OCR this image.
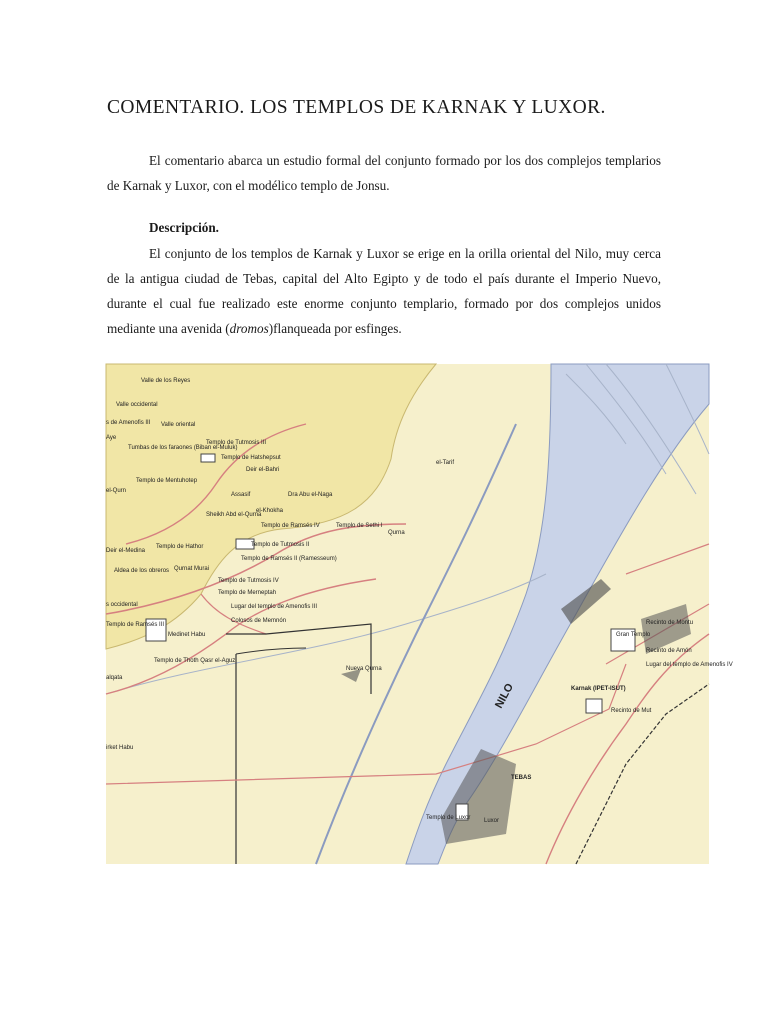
COMENTARIO. LOS TEMPLOS DE KARNAK Y LUXOR.
El comentario abarca un estudio formal del conjunto formado por los dos complejos templarios de Karnak y Luxor, con el modélico templo de Jonsu.
Descripción.
El conjunto de los templos de Karnak y Luxor se erige en la orilla oriental del Nilo, muy cerca de la antigua ciudad de Tebas, capital del Alto Egipto y de todo el país durante el Imperio Nuevo, durante el cual fue realizado este enorme conjunto templario, formado por dos complejos unidos mediante una avenida (dromos)flanqueada por esfinges.
Valle de los Reyes
Valle occidental
Valle oriental
s de Amenofis III
Aye
Tumbas de los faraones (Biban el-Muluk)
Templo de Tutmosis III
Templo de Hatshepsut
Deir el-Bahri
el-Qurn
Templo de Mentuhotep
el-Tarif
Assasif	Dra Abu el-Naga
el-Khokha
Sheikh Abd el-Qurna
Templo de Ramsés IV	Templo de Sethi I
Qurna
Deir el-Medina
Templo de Hathor	Templo de Tutmosis II
Templo de Ramsés II (Ramesseum)
Aldea de los obreros Qurnat Murai
Templo de Tutmosis IV
Templo de Merneptah
s occidental	Lugar del templo de Amenofis III
Colosos de Memnón
Templo de Ramsés III
Medinet Habu
Templo de Thoth Qasr el-Aguz
alqata
irket Habu
Nueva Qurna
NILO
Recinto de Montu
Gran Templo
Recinto de Amón
Lugar del templo de Amenofis IV
Karnak (IPET-ISUT)
Recinto de Mut
TEBAS
Templo de Luxor Luxor
